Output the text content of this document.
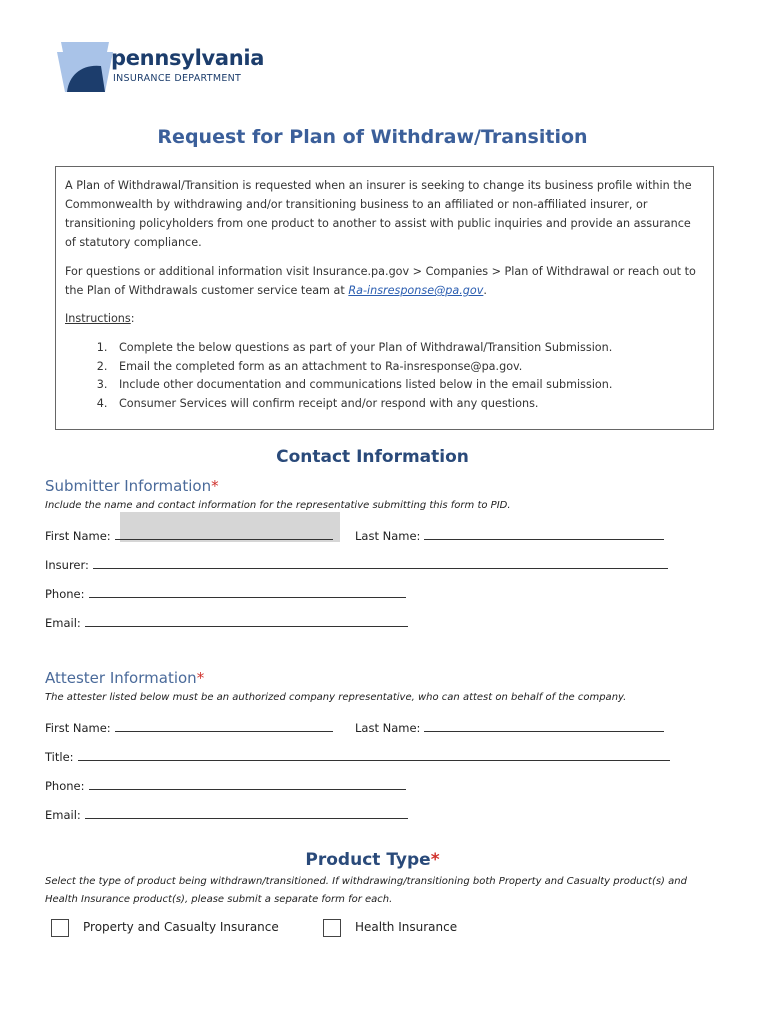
pennsylvania
INSURANCE DEPARTMENT
Request for Plan of Withdraw/Transition

A Plan of Withdrawal/Transition is requested when an insurer is seeking to change its business profile within the Commonwealth by withdrawing and/or transitioning business to an affiliated or non-affiliated insurer, or transitioning policyholders from one product to another to assist with public inquiries and provide an assurance of statutory compliance.

For questions or additional information visit Insurance.pa.gov > Companies > Plan of Withdrawal or reach out to the Plan of Withdrawals customer service team at Ra-insresponse@pa.gov.

Instructions:

1. Complete the below questions as part of your Plan of Withdrawal/Transition Submission.
2. Email the completed form as an attachment to Ra-insresponse@pa.gov.
3. Include other documentation and communications listed below in the email submission.
4. Consumer Services will confirm receipt and/or respond with any questions.
Contact Information
Submitter Information*

Include the name and contact information for the representative submitting this form to PID.

First Name:	Last Name:
Insurer:
Phone:
Email:
Attester Information*

The attester listed below must be an authorized company representative, who can attest on behalf of the company.

First Name:	Last Name:
Title:
Phone:
Email:
Product Type*

Select the type of product being withdrawn/transitioned. If withdrawing/transitioning both Property and Casualty product(s) and Health Insurance product(s), please submit a separate form for each.

Property and Casualty Insurance	Health Insurance
